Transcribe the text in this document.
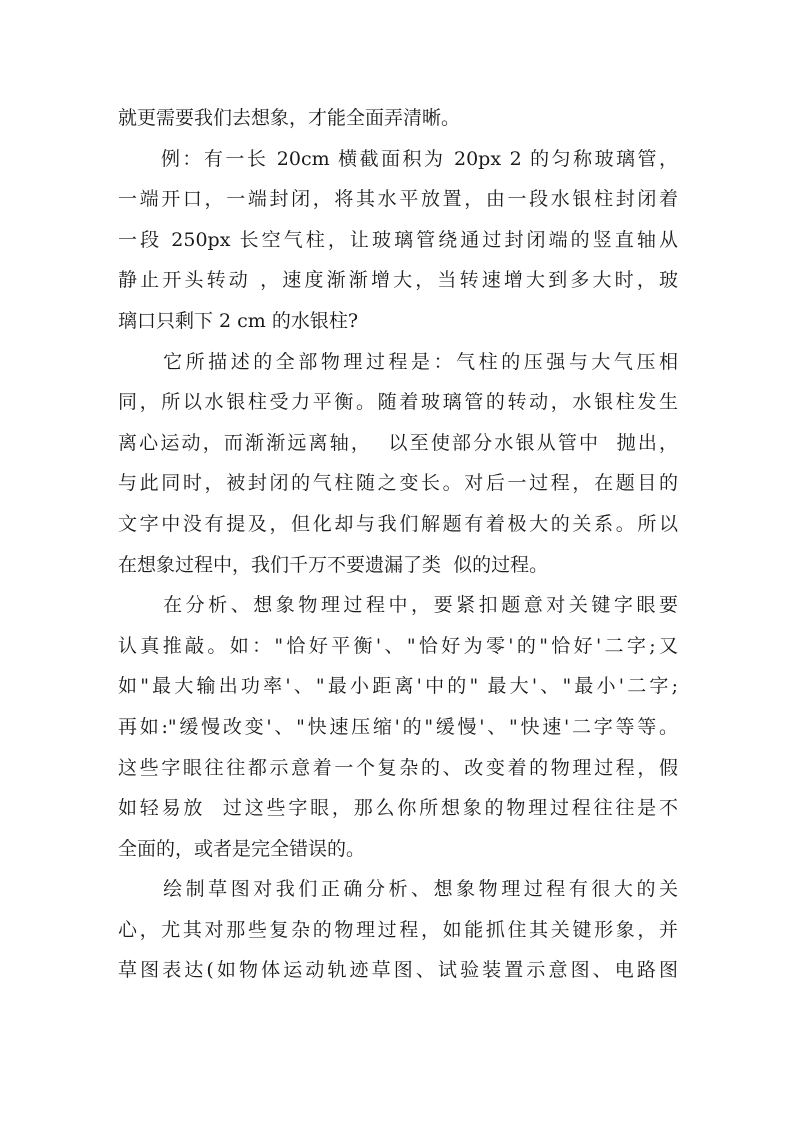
就更需要我们去想象，才能全面弄清晰。
　　例：有一长 20cm 横截面积为 20px 2 的匀称玻璃管，
一端开口，一端封闭，将其水平放置，由一段水银柱封闭着
一段 250px 长空气柱，让玻璃管绕通过封闭端的竖直轴从
静止开头转动 ，速度渐渐增大，当转速增大到多大时，玻
璃口只剩下 2 cm 的水银柱?
　　它所描述的全部物理过程是：气柱的压强与大气压相
同，所以水银柱受力平衡。随着玻璃管的转动，水银柱发生
离心运动，而渐渐远离轴，  以至使部分水银从管中  抛出，
与此同时，被封闭的气柱随之变长。对后一过程，在题目的
文字中没有提及，但化却与我们解题有着极大的关系。所以
在想象过程中，我们千万不要遗漏了类  似的过程。
　　在分析、想象物理过程中，要紧扣题意对关键字眼要
认真推敲。如："恰好平衡'、"恰好为零'的"恰好'二字;又
如"最大输出功率'、"最小距离'中的" 最大'、"最小'二字;
再如:"缓慢改变'、"快速压缩'的"缓慢'、"快速'二字等等。
这些字眼往往都示意着一个复杂的、改变着的物理过程，假
如轻易放  过这些字眼，那么你所想象的物理过程往往是不
全面的，或者是完全错误的。
　　绘制草图对我们正确分析、想象物理过程有很大的关
心，尤其对那些复杂的物理过程，如能抓住其关键形象，并
草图表达(如物体运动轨迹草图、试验装置示意图、电路图
